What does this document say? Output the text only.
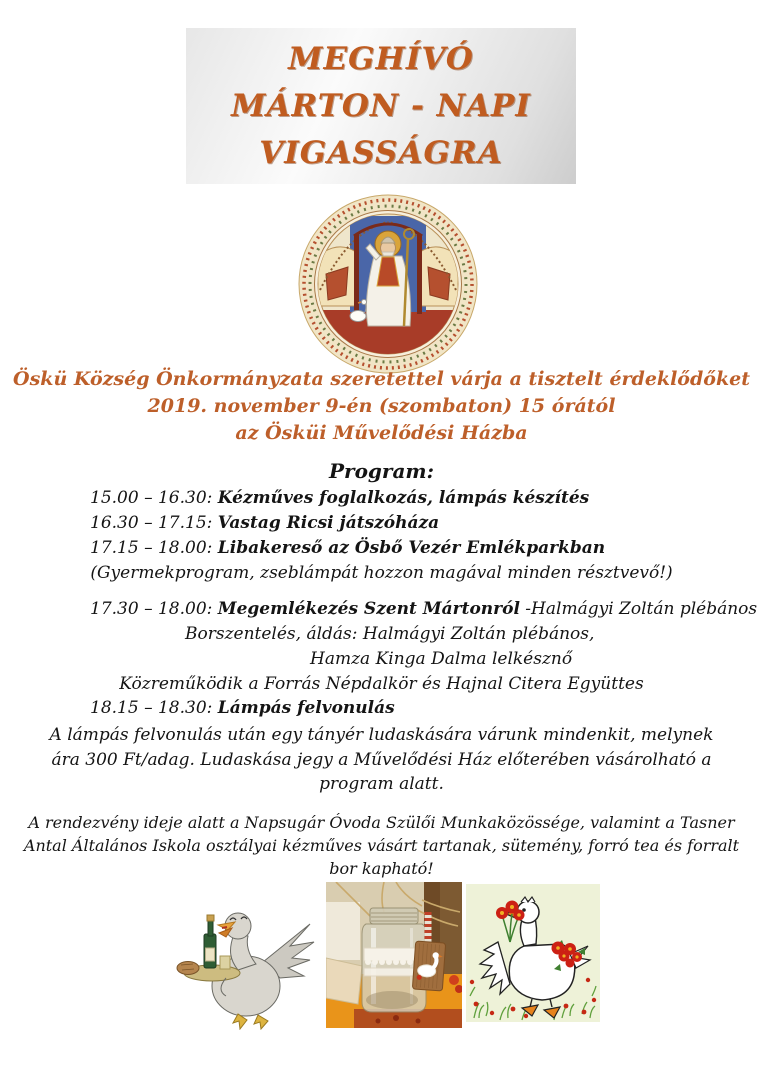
MEGHÍVÓ
MÁRTON - NAPI
VIGASSÁGRA
Öskü Község Önkormányzata szeretettel várja a tisztelt érdeklődőket
2019. november 9-én (szombaton) 15 órától
az Ösküi Művelődési Házba
Program:
15.00 – 16.30: Kézműves foglalkozás, lámpás készítés
16.30 – 17.15: Vastag Ricsi játszóháza
17.15 – 18.00: Libakereső az Ösbő Vezér Emlékparkban
(Gyermekprogram, zseblámpát hozzon magával minden résztvevő!)
17.30 – 18.00: Megemlékezés Szent Mártonról -Halmágyi Zoltán plébános
Borszentelés, áldás: Halmágyi Zoltán plébános,
Hamza Kinga Dalma lelkésznő
Közreműködik a Forrás Népdalkör és Hajnal Citera Együttes
18.15 – 18.30: Lámpás felvonulás
A lámpás felvonulás után egy tányér ludaskására várunk mindenkit, melynek
ára 300 Ft/adag. Ludaskása jegy a Művelődési Ház előterében vásárolható a
program alatt.
A rendezvény ideje alatt a Napsugár Óvoda Szülői Munkaközössége, valamint a Tasner
Antal Általános Iskola osztályai kézműves vásárt tartanak, sütemény, forró tea és forralt
bor kapható!
